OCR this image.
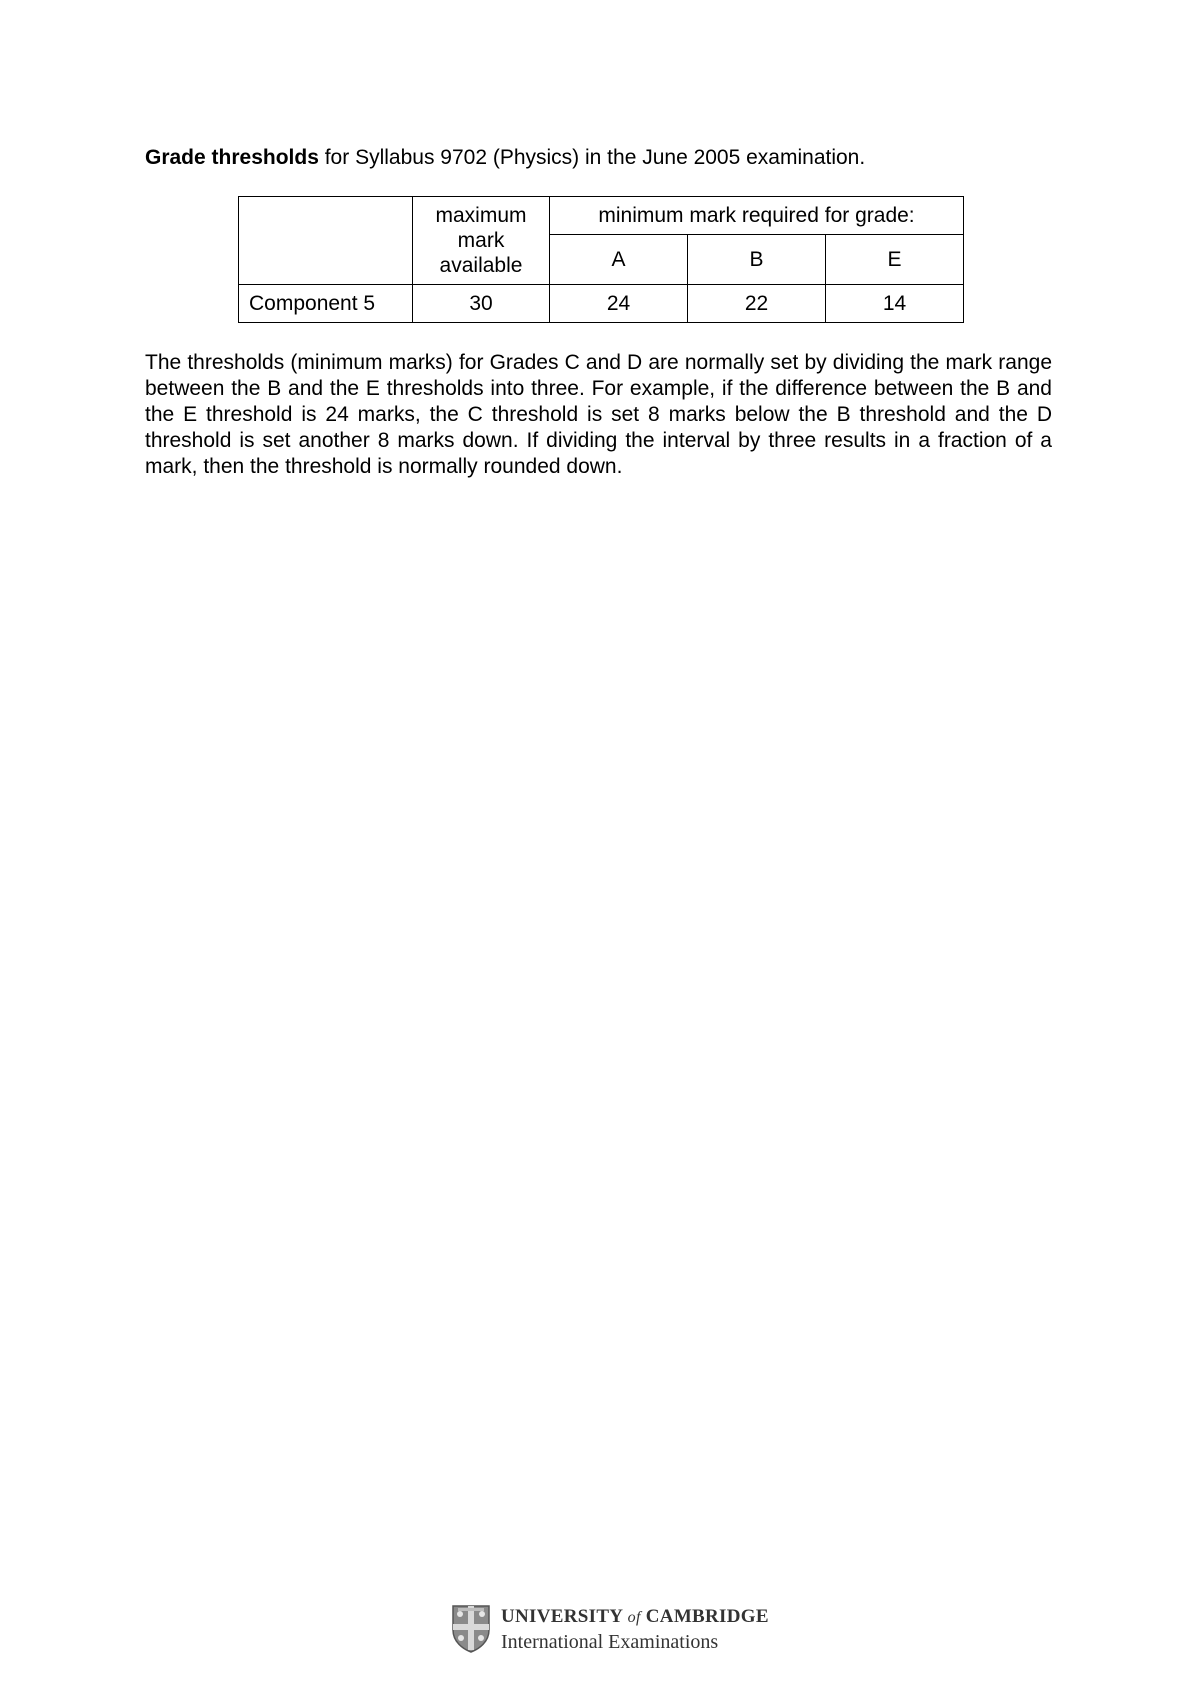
Grade thresholds for Syllabus 9702 (Physics) in the June 2005 examination.
	maximum mark available	minimum mark required for grade:		
		A	B	E
Component 5	30	24	22	14
The thresholds (minimum marks) for Grades C and D are normally set by dividing the mark range between the B and the E thresholds into three. For example, if the difference between the B and the E threshold is 24 marks, the C threshold is set 8 marks below the B threshold and the D threshold is set another 8 marks down. If dividing the interval by three results in a fraction of a mark, then the threshold is normally rounded down.
UNIVERSITY of CAMBRIDGE
International Examinations
